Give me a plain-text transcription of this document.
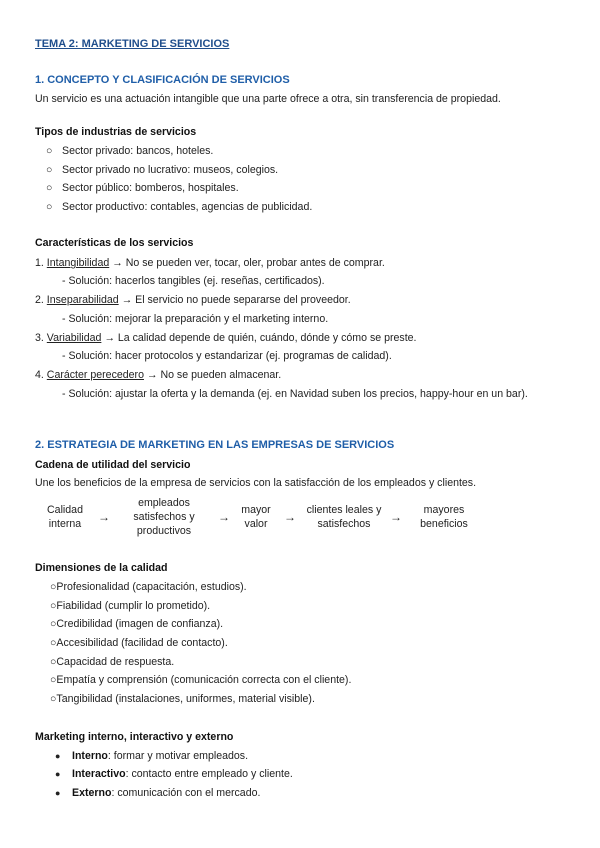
TEMA 2: MARKETING DE SERVICIOS
1. CONCEPTO Y CLASIFICACIÓN DE SERVICIOS
Un servicio es una actuación intangible que una parte ofrece a otra, sin transferencia de propiedad.
Tipos de industrias de servicios
○ Sector privado: bancos, hoteles.
○ Sector privado no lucrativo: museos, colegios.
○ Sector público: bomberos, hospitales.
○ Sector productivo: contables, agencias de publicidad.
Características de los servicios
1. Intangibilidad → No se pueden ver, tocar, oler, probar antes de comprar.
- Solución: hacerlos tangibles (ej. reseñas, certificados).
2. Inseparabilidad → El servicio no puede separarse del proveedor.
- Solución: mejorar la preparación y el marketing interno.
3. Variabilidad → La calidad depende de quién, cuándo, dónde y cómo se preste.
- Solución: hacer protocolos y estandarizar (ej. programas de calidad).
4. Carácter perecedero → No se pueden almacenar.
- Solución: ajustar la oferta y la demanda (ej. en Navidad suben los precios, happy-hour en un bar).
2. ESTRATEGIA DE MARKETING EN LAS EMPRESAS DE SERVICIOS
Cadena de utilidad del servicio
Une los beneficios de la empresa de servicios con la satisfacción de los empleados y clientes.
Calidad
interna	→
empleados
satisfechos y
productivos
→	mayor
valor	→ clientes leales y
satisfechos	→	mayores
beneficios
Dimensiones de la calidad
○Profesionalidad (capacitación, estudios).
○Fiabilidad (cumplir lo prometido).
○Credibilidad (imagen de confianza).
○Accesibilidad (facilidad de contacto).
○Capacidad de respuesta.
○Empatía y comprensión (comunicación correcta con el cliente).
○Tangibilidad (instalaciones, uniformes, material visible).
Marketing interno, interactivo y externo
● Interno: formar y motivar empleados.
● Interactivo: contacto entre empleado y cliente.
● Externo: comunicación con el mercado.
